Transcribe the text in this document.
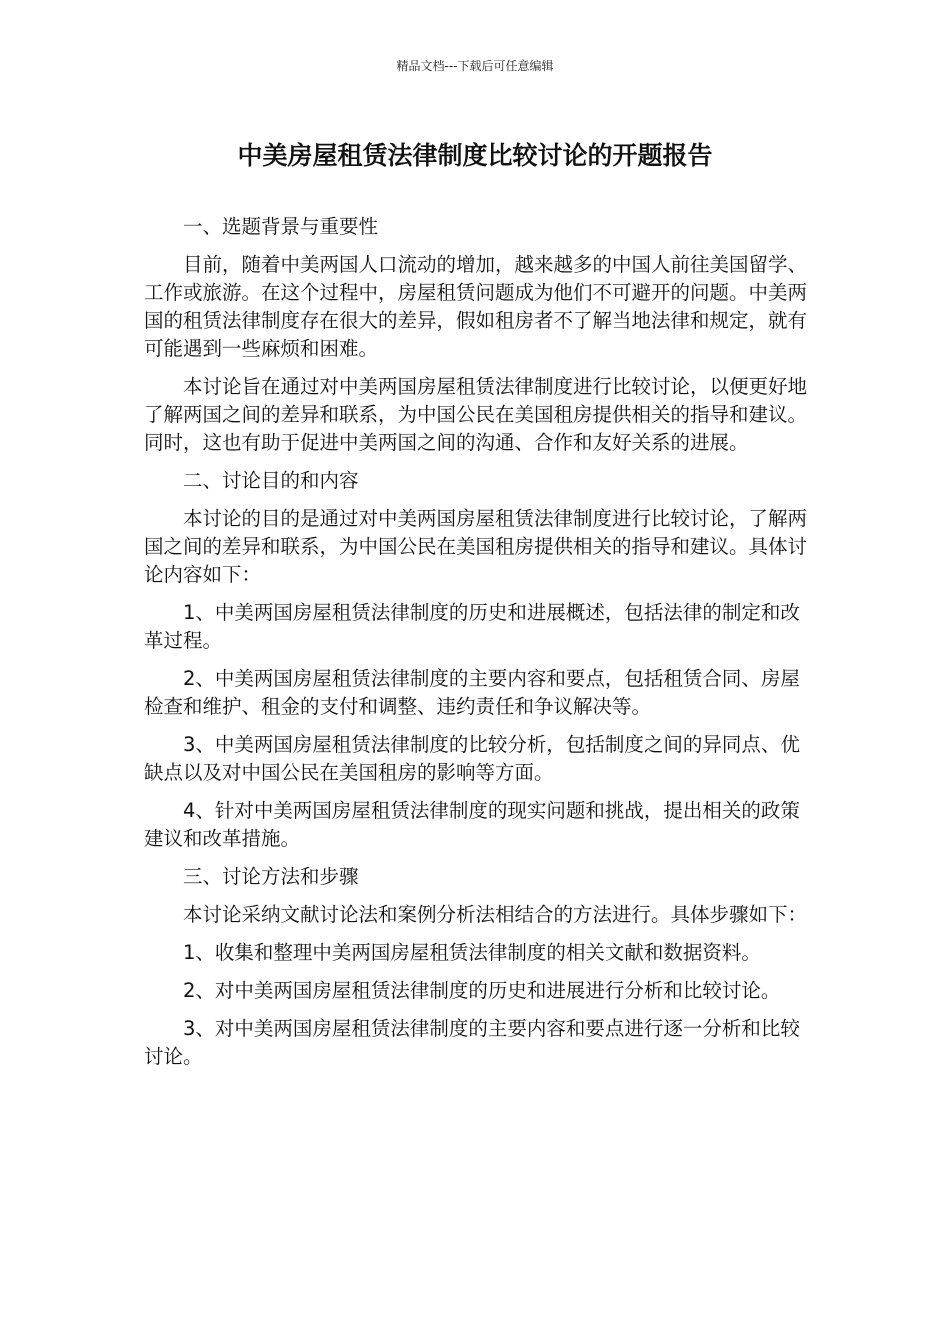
精品文档---下载后可任意编辑
中美房屋租赁法律制度比较讨论的开题报告

一、选题背景与重要性

目前，随着中美两国人口流动的增加，越来越多的中国人前往美国留学、工作或旅游。在这个过程中，房屋租赁问题成为他们不可避开的问题。中美两国的租赁法律制度存在很大的差异，假如租房者不了解当地法律和规定，就有可能遇到一些麻烦和困难。

本讨论旨在通过对中美两国房屋租赁法律制度进行比较讨论，以便更好地了解两国之间的差异和联系，为中国公民在美国租房提供相关的指导和建议。同时，这也有助于促进中美两国之间的沟通、合作和友好关系的进展。

二、讨论目的和内容

本讨论的目的是通过对中美两国房屋租赁法律制度进行比较讨论，了解两国之间的差异和联系，为中国公民在美国租房提供相关的指导和建议。具体讨论内容如下：

1、中美两国房屋租赁法律制度的历史和进展概述，包括法律的制定和改革过程。

2、中美两国房屋租赁法律制度的主要内容和要点，包括租赁合同、房屋检查和维护、租金的支付和调整、违约责任和争议解决等。

3、中美两国房屋租赁法律制度的比较分析，包括制度之间的异同点、优缺点以及对中国公民在美国租房的影响等方面。

4、针对中美两国房屋租赁法律制度的现实问题和挑战，提出相关的政策建议和改革措施。

三、讨论方法和步骤

本讨论采纳文献讨论法和案例分析法相结合的方法进行。具体步骤如下：

1、收集和整理中美两国房屋租赁法律制度的相关文献和数据资料。

2、对中美两国房屋租赁法律制度的历史和进展进行分析和比较讨论。

3、对中美两国房屋租赁法律制度的主要内容和要点进行逐一分析和比较讨论。
